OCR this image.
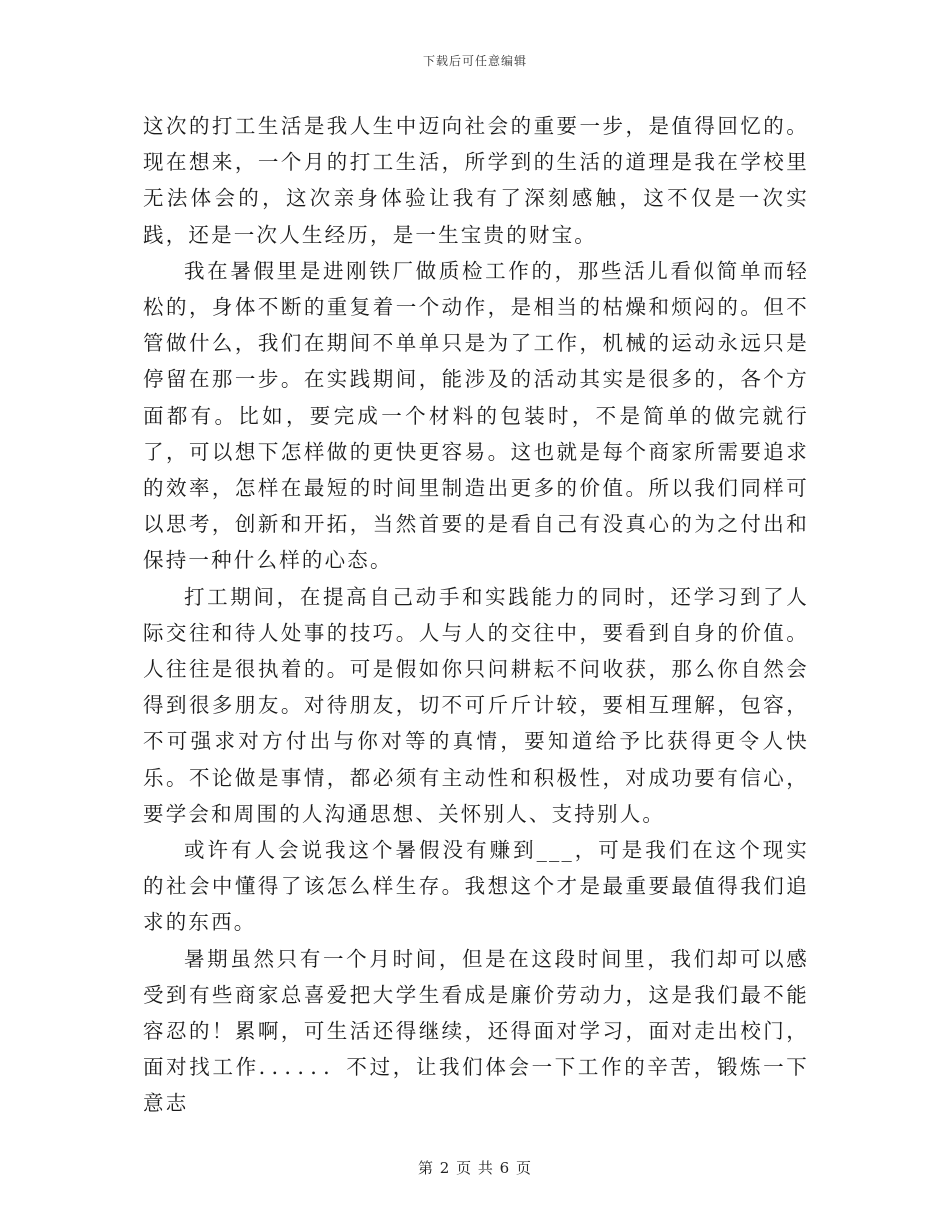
下载后可任意编辑

这次的打工生活是我人生中迈向社会的重要一步，是值得回忆的。现在想来，一个月的打工生活，所学到的生活的道理是我在学校里无法体会的，这次亲身体验让我有了深刻感触，这不仅是一次实践，还是一次人生经历，是一生宝贵的财宝。

我在暑假里是进刚铁厂做质检工作的，那些活儿看似简单而轻松的，身体不断的重复着一个动作，是相当的枯燥和烦闷的。但不管做什么，我们在期间不单单只是为了工作，机械的运动永远只是停留在那一步。在实践期间，能涉及的活动其实是很多的，各个方面都有。比如，要完成一个材料的包装时，不是简单的做完就行了，可以想下怎样做的更快更容易。这也就是每个商家所需要追求的效率，怎样在最短的时间里制造出更多的价值。所以我们同样可以思考，创新和开拓，当然首要的是看自己有没真心的为之付出和保持一种什么样的心态。

打工期间，在提高自己动手和实践能力的同时，还学习到了人际交往和待人处事的技巧。人与人的交往中，要看到自身的价值。人往往是很执着的。可是假如你只问耕耘不问收获，那么你自然会得到很多朋友。对待朋友，切不可斤斤计较，要相互理解，包容，不可强求对方付出与你对等的真情，要知道给予比获得更令人快乐。不论做是事情，都必须有主动性和积极性，对成功要有信心，要学会和周围的人沟通思想、关怀别人、支持别人。

或许有人会说我这个暑假没有赚到___，可是我们在这个现实的社会中懂得了该怎么样生存。我想这个才是最重要最值得我们追求的东西。

暑期虽然只有一个月时间，但是在这段时间里，我们却可以感受到有些商家总喜爱把大学生看成是廉价劳动力，这是我们最不能容忍的！累啊，可生活还得继续，还得面对学习，面对走出校门，面对找工作．．．．．．不过，让我们体会一下工作的辛苦，锻炼一下意志

第 2 页 共 6 页
